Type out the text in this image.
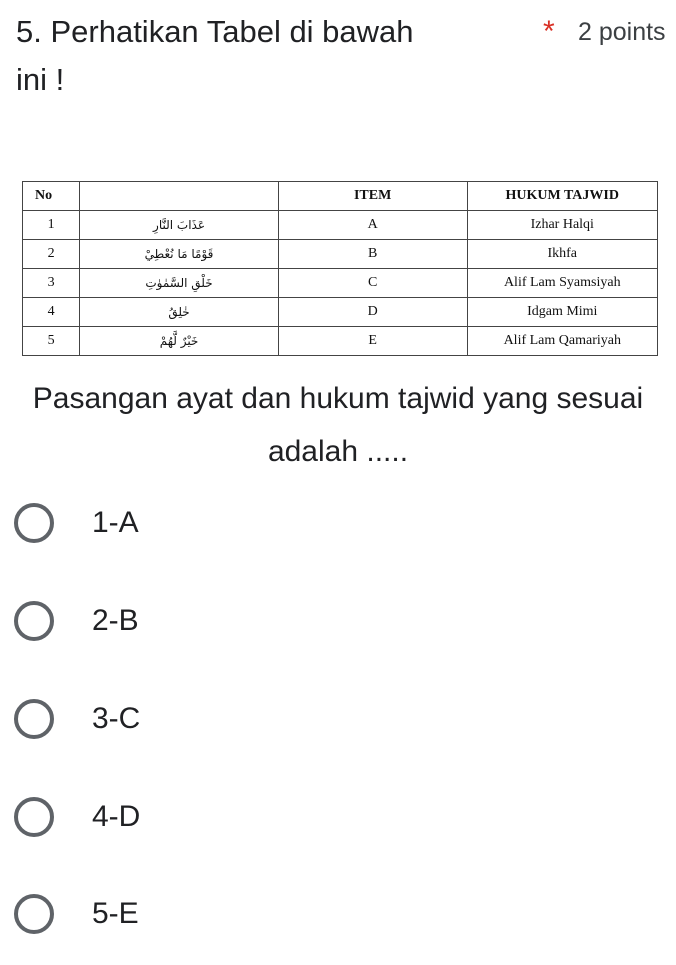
5. Perhatikan Tabel di bawah
ini !
* 2 points
No		ITEM	HUKUM TAJWID
1	عَذَابَ النَّارِ	A	Izhar Halqi
2	قَوْمًا مَا نُعْطِيْ	B	Ikhfa
3	خَلْقِ السَّمٰوٰتِ	C	Alif Lam Syamsiyah
4	خٰلِقُ	D	Idgam Mimi
5	خَيْرٌ لَّهُمْ	E	Alif Lam Qamariyah
Pasangan ayat dan hukum tajwid yang sesuai adalah .....
1-A
2-B
3-C
4-D
5-E
